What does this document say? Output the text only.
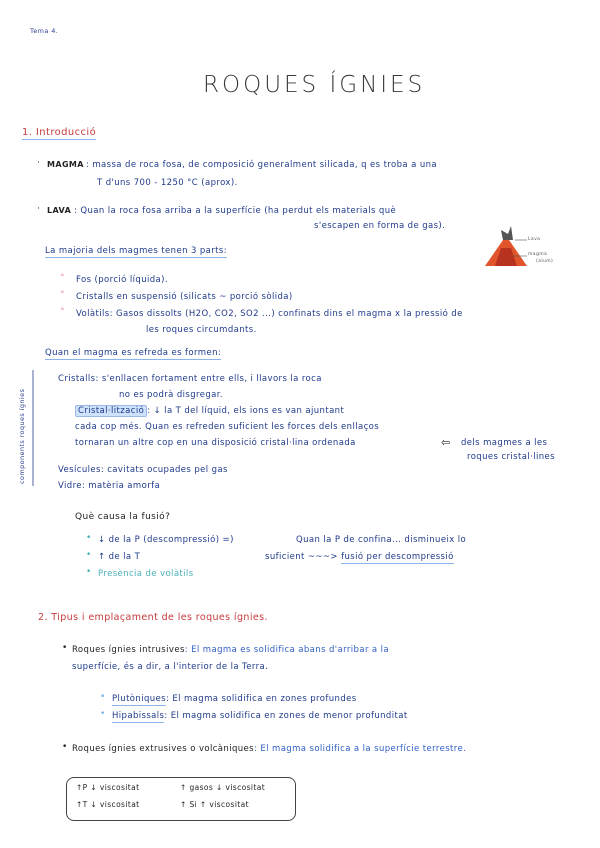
Tema 4.
ROQUES ÍGNIES
1. Introducció
· MAGMA : massa de roca fosa, de composició generalment silicada, q es troba a una
T d'uns 700 - 1250 °C (aprox).
· LAVA : Quan la roca fosa arriba a la superfície (ha perdut els materials què
s'escapen en forma de gas).
La majoria dels magmes tenen 3 parts:
Lava
magma
(alum)
° Fos (porció líquida).
° Cristalls en suspensió (silicats ~ porció sòlida)
° Volàtils: Gasos dissolts (H2O, CO2, SO2 ...) confinats dins el magma x la pressió de
les roques circumdants.
Quan el magma es refreda es formen:
components roques ígnies
Cristalls: s'enllacen fortament entre ells, i llavors la roca
no es podrà disgregar.
Cristal·lització : ↓ la T del líquid, els ions es van ajuntant
cada cop més. Quan es refreden suficient les forces dels enllaços
tornaran un altre cop en una disposició cristal·lina ordenada	⇦ dels magmes a les
roques cristal·lines
Vesícules: cavitats ocupades pel gas
Vidre: matèria amorfa
Què causa la fusió?
• ↓ de la P (descompressió) =)	Quan la P de confina... disminueix lo
• ↑ de la T	suficient ~~~> fusió per descompressió
• Presència de volàtils
2. Tipus i emplaçament de les roques ígnies.
• Roques ígnies intrusives: El magma es solidifica abans d'arribar a la
superfície, és a dir, a l'interior de la Terra.
• Plutòniques: El magma solidifica en zones profundes
• Hipabissals: El magma solidifica en zones de menor profunditat
• Roques ígnies extrusives o volcàniques: El magma solidifica a la superfície terrestre.
↑P ↓ viscositat	↑ gasos ↓ viscositat
↑T ↓ viscositat	↑ Si ↑ viscositat
